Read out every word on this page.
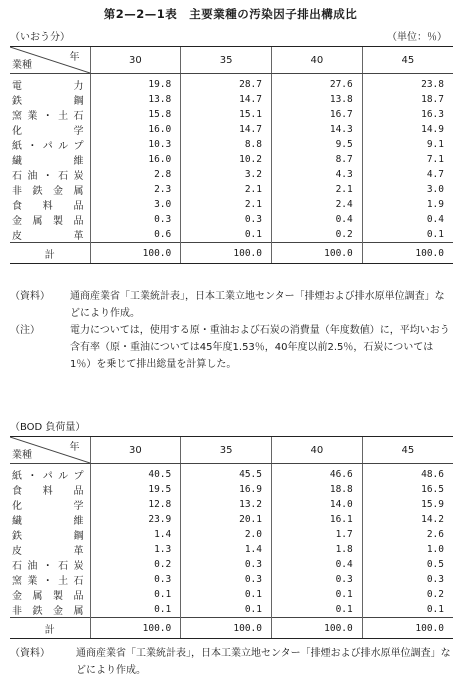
第2—2—1表　主要業種の汚染因子排出構成比
（いおう分）	（単位：％）
年
業種	30	35	40	45
電力	19.8	28.7	27.6	23.8
鉄鋼	13.8	14.7	13.8	18.7
窯業・土石	15.8	15.1	16.7	16.3
化学	16.0	14.7	14.3	14.9
紙・パルプ	10.3	8.8	9.5	9.1
繊維	16.0	10.2	8.7	7.1
石油・石炭	2.8	3.2	4.3	4.7
非鉄金属	2.3	2.1	2.1	3.0
食料品	3.0	2.1	2.4	1.9
金属製品	0.3	0.3	0.4	0.4
皮革	0.6	0.1	0.2	0.1
計	100.0	100.0	100.0	100.0
（資料） 通商産業省「工業統計表」，日本工業立地センター「排煙および排水原単位調査」などにより作成。
（注）	電力については，使用する原・重油および石炭の消費量（年度数値）に，平均いおう含有率（原・重油については45年度1.53％，40年度以前2.5％，石炭については1％）を乗じて排出総量を計算した。
（BOD 負荷量）
年
業種	30	35	40	45
紙・パルプ	40.5	45.5	46.6	48.6
食料品	19.5	16.9	18.8	16.5
化学	12.8	13.2	14.0	15.9
繊維	23.9	20.1	16.1	14.2
鉄鋼	1.4	2.0	1.7	2.6
皮革	1.3	1.4	1.8	1.0
石油・石炭	0.2	0.3	0.4	0.5
窯業・土石	0.3	0.3	0.3	0.3
金属製品	0.1	0.1	0.1	0.2
非鉄金属	0.1	0.1	0.1	0.1
計	100.0	100.0	100.0	100.0
（資料）	通商産業省「工業統計表」，日本工業立地センター「排煙および排水原単位調査」などにより作成。
